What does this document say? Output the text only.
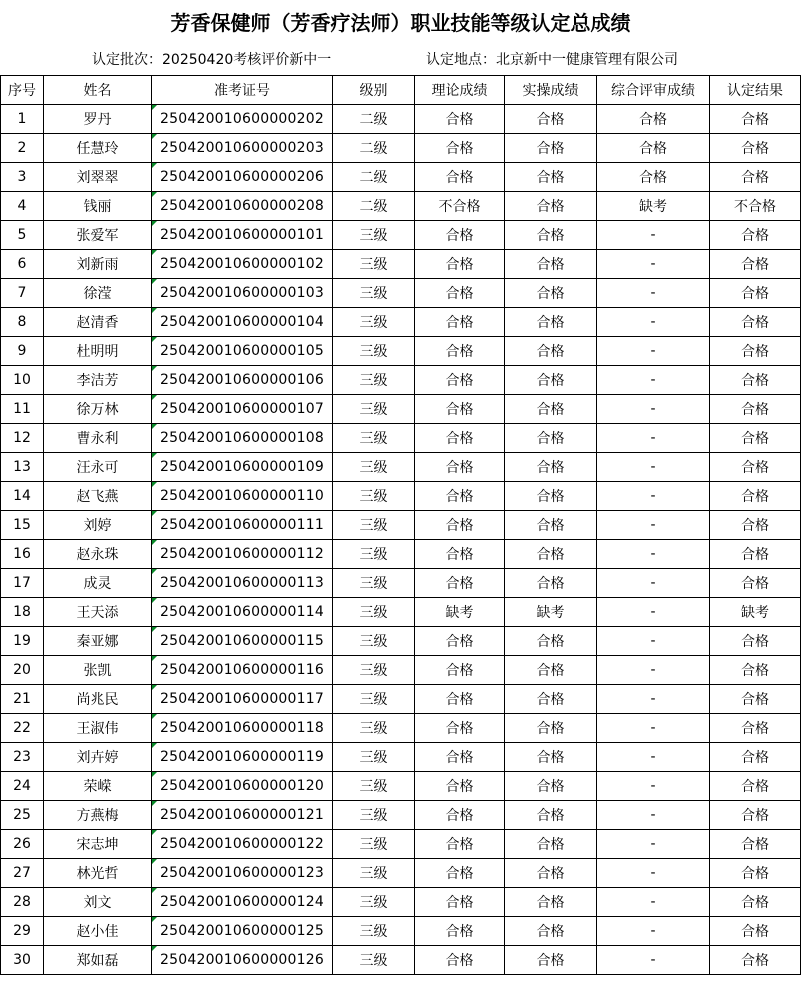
芳香保健师（芳香疗法师）职业技能等级认定总成绩
认定批次：20250420考核评价新中一	认定地点：北京新中一健康管理有限公司
序号	姓名	准考证号	级别	理论成绩	实操成绩	综合评审成绩	认定结果
1	罗丹	250420010600000202	二级	合格	合格	合格	合格
2	任慧玲	250420010600000203	二级	合格	合格	合格	合格
3	刘翠翠	250420010600000206	二级	合格	合格	合格	合格
4	钱丽	250420010600000208	二级	不合格	合格	缺考	不合格
5	张爱军	250420010600000101	三级	合格	合格	-	合格
6	刘新雨	250420010600000102	三级	合格	合格	-	合格
7	徐滢	250420010600000103	三级	合格	合格	-	合格
8	赵清香	250420010600000104	三级	合格	合格	-	合格
9	杜明明	250420010600000105	三级	合格	合格	-	合格
10	李洁芳	250420010600000106	三级	合格	合格	-	合格
11	徐万林	250420010600000107	三级	合格	合格	-	合格
12	曹永利	250420010600000108	三级	合格	合格	-	合格
13	汪永可	250420010600000109	三级	合格	合格	-	合格
14	赵飞燕	250420010600000110	三级	合格	合格	-	合格
15	刘婷	250420010600000111	三级	合格	合格	-	合格
16	赵永珠	250420010600000112	三级	合格	合格	-	合格
17	成灵	250420010600000113	三级	合格	合格	-	合格
18	王天添	250420010600000114	三级	缺考	缺考	-	缺考
19	秦亚娜	250420010600000115	三级	合格	合格	-	合格
20	张凯	250420010600000116	三级	合格	合格	-	合格
21	尚兆民	250420010600000117	三级	合格	合格	-	合格
22	王淑伟	250420010600000118	三级	合格	合格	-	合格
23	刘卉婷	250420010600000119	三级	合格	合格	-	合格
24	荣嵘	250420010600000120	三级	合格	合格	-	合格
25	方燕梅	250420010600000121	三级	合格	合格	-	合格
26	宋志坤	250420010600000122	三级	合格	合格	-	合格
27	林光哲	250420010600000123	三级	合格	合格	-	合格
28	刘文	250420010600000124	三级	合格	合格	-	合格
29	赵小佳	250420010600000125	三级	合格	合格	-	合格
30	郑如磊	250420010600000126	三级	合格	合格	-	合格
